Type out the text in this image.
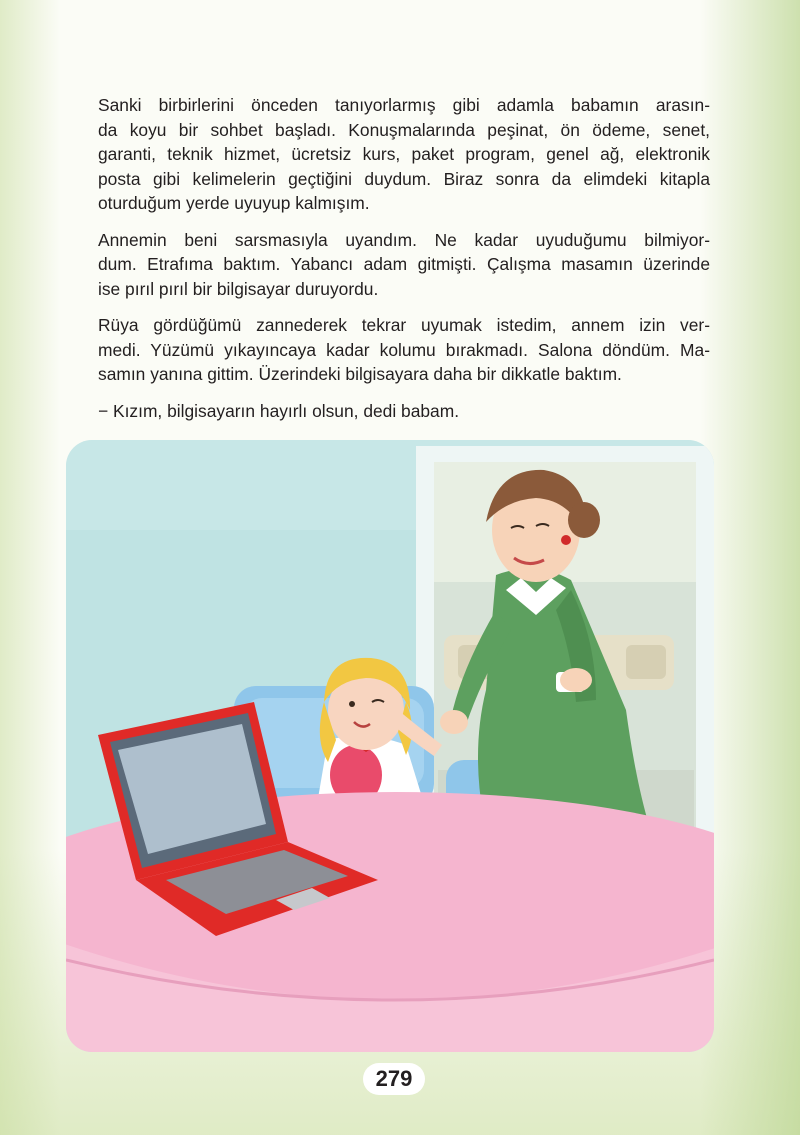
Sanki birbirlerini önceden tanıyorlarmış gibi adamla babamın arasın-
da koyu bir sohbet başladı. Konuşmalarında peşinat, ön ödeme, senet,
garanti, teknik hizmet, ücretsiz kurs, paket program, genel ağ, elektronik
posta gibi kelimelerin geçtiğini duydum. Biraz sonra da elimdeki kitapla
oturduğum yerde uyuyup kalmışım.

Annemin beni sarsmasıyla uyandım. Ne kadar uyuduğumu bilmiyor-
dum. Etrafıma baktım. Yabancı adam gitmişti. Çalışma masamın üzerinde
ise pırıl pırıl bir bilgisayar duruyordu.

Rüya gördüğümü zannederek tekrar uyumak istedim, annem izin ver-
medi. Yüzümü yıkayıncaya kadar kolumu bırakmadı. Salona döndüm. Ma-
samın yanına gittim. Üzerindeki bilgisayara daha bir dikkatle baktım.

− Kızım, bilgisayarın hayırlı olsun, dedi babam.

279
